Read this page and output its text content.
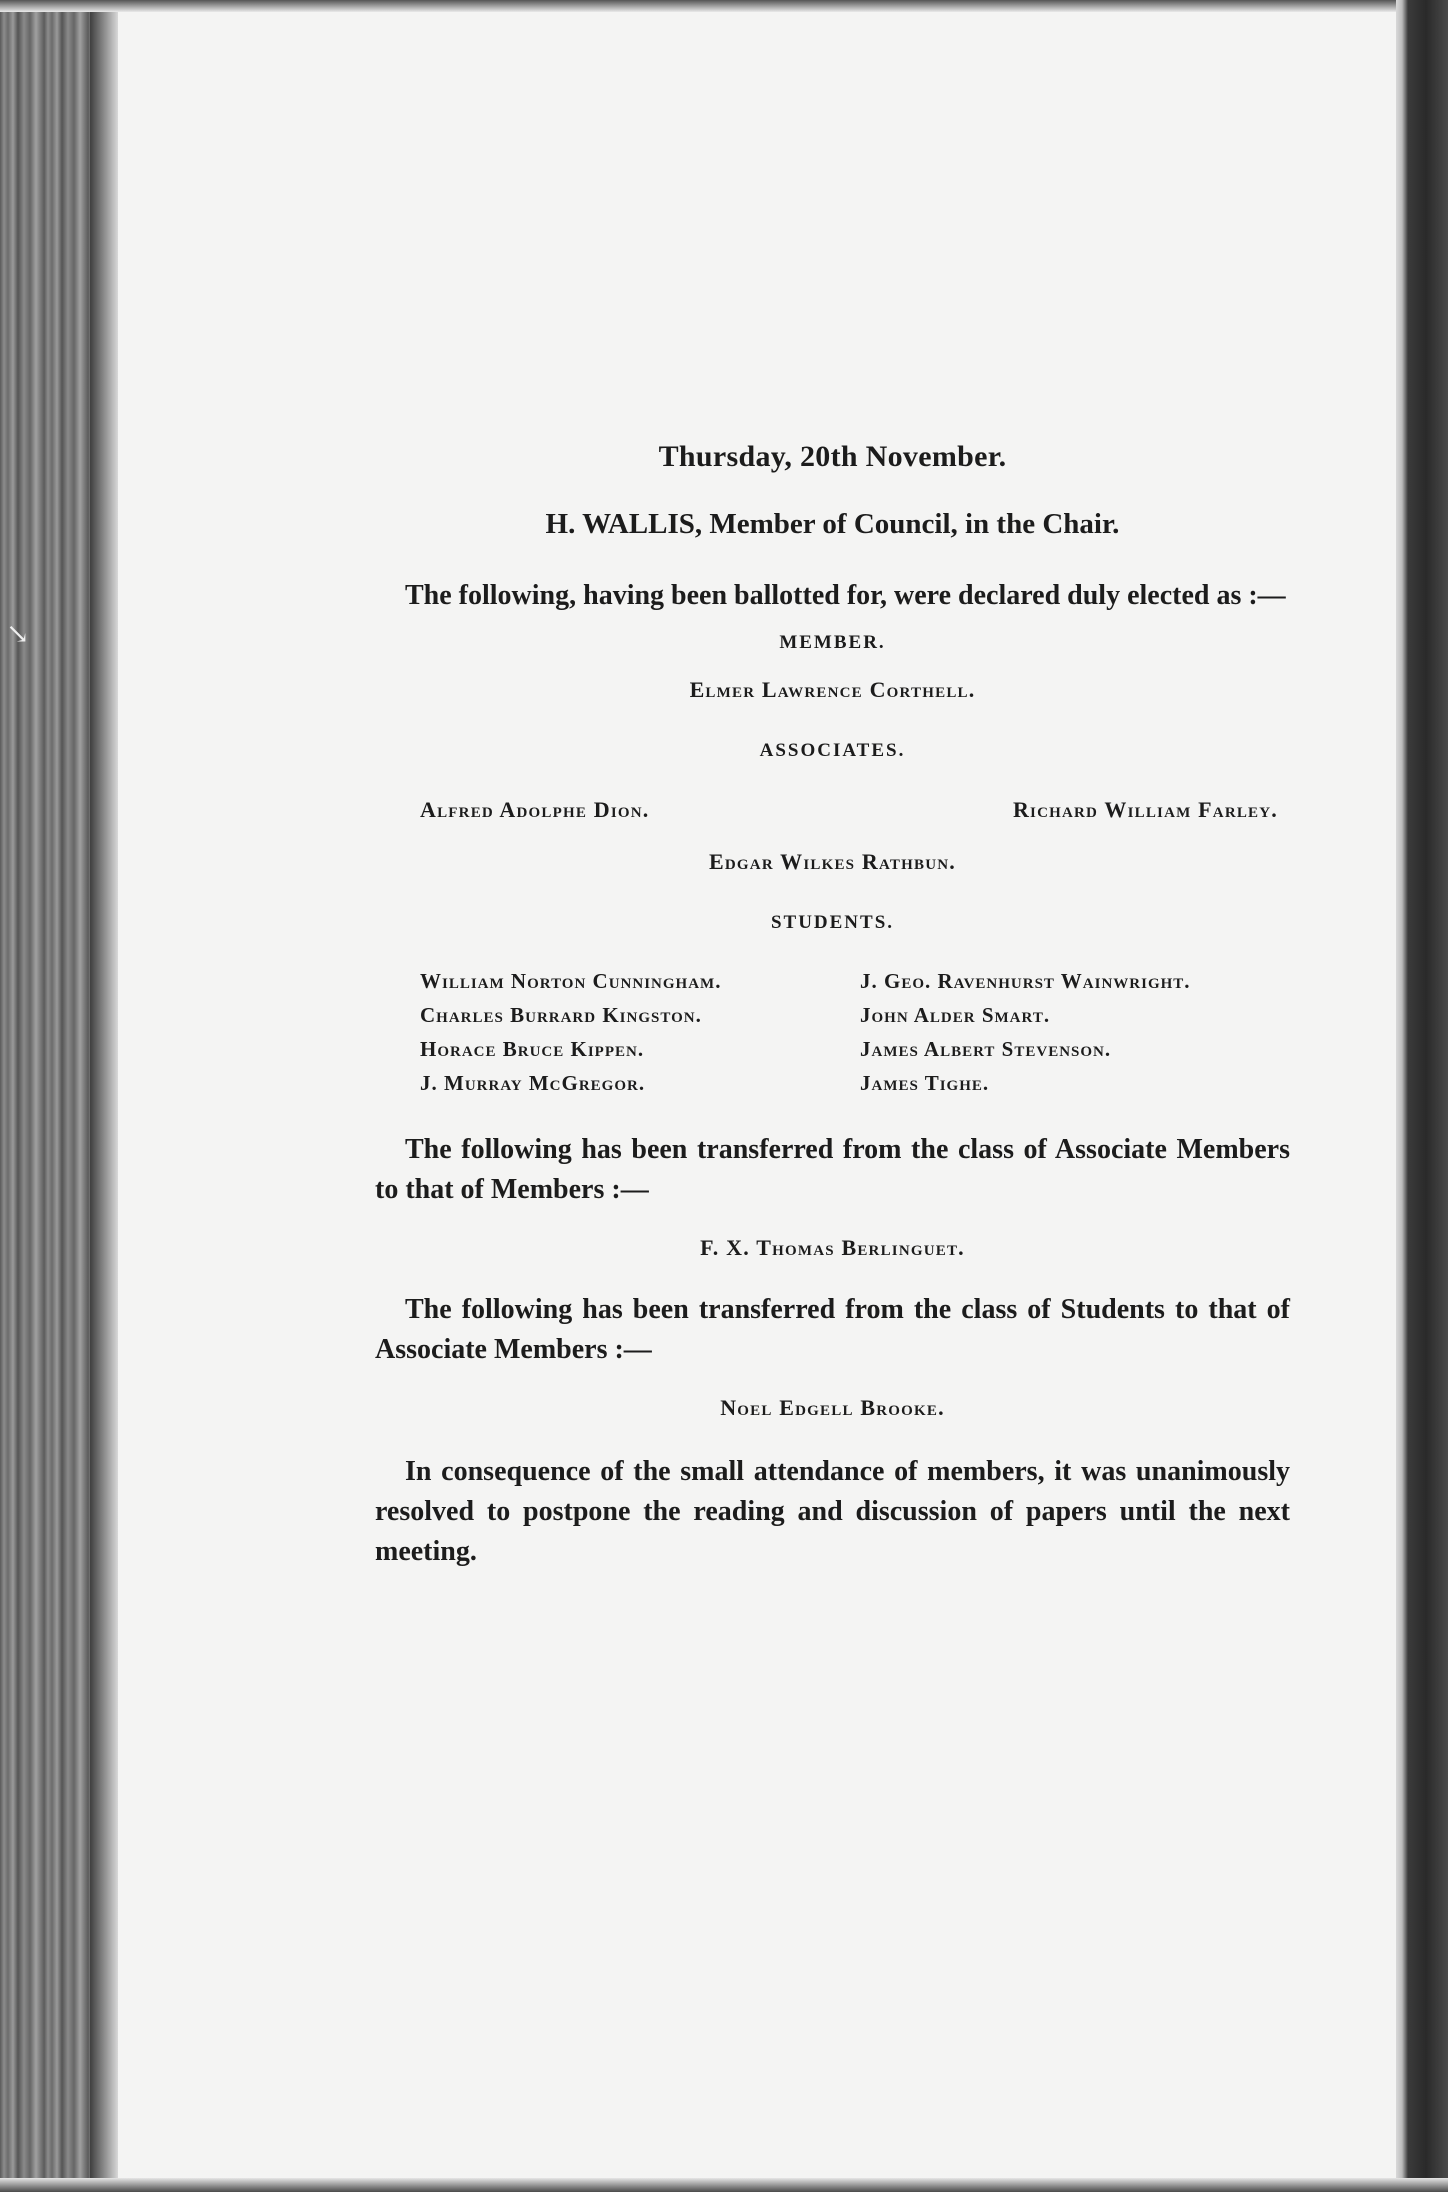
↘

Thursday, 20th November.

H. WALLIS, Member of Council, in the Chair.

The following, having been ballotted for, were declared duly elected as :—

MEMBER.

Elmer Lawrence Corthell.

ASSOCIATES.

Alfred Adolphe Dion.	Richard William Farley.

Edgar Wilkes Rathbun.

STUDENTS.

William Norton Cunningham.
Charles Burrard Kingston.
Horace Bruce Kippen.
J. Murray McGregor.
J. Geo. Ravenhurst Wainwright.
John Alder Smart.
James Albert Stevenson.
James Tighe.

The following has been transferred from the class of Associate Members to that of Members :—

F. X. Thomas Berlinguet.

The following has been transferred from the class of Students to that of Associate Members :—

Noel Edgell Brooke.

In consequence of the small attendance of members, it was unanimously resolved to postpone the reading and discussion of papers until the next meeting.
